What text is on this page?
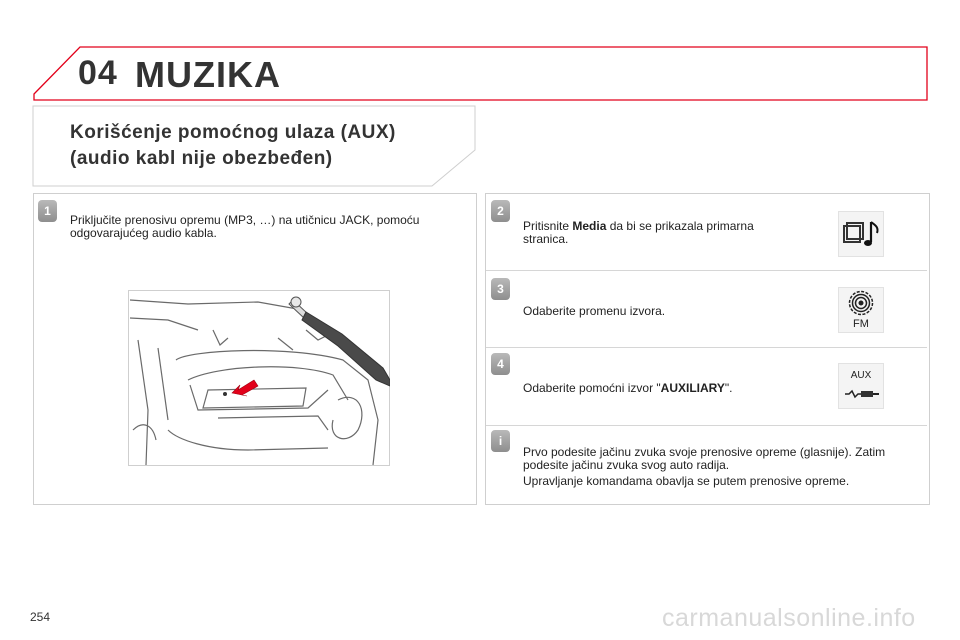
04 MUZIKA
Korišćenje pomoćnog ulaza (AUX)
(audio kabl nije obezbeđen)
1
Priključite prenosivu opremu (MP3, …) na utičnicu JACK, pomoću odgovarajućeg audio kabla.
2
Pritisnite Media da bi se prikazala primarna stranica.
3
Odaberite promenu izvora.
FM
4
Odaberite pomoćni izvor "AUXILIARY".
AUX
i
Prvo podesite jačinu zvuka svoje prenosive opreme (glasnije). Zatim podesite jačinu zvuka svog auto radija.
Upravljanje komandama obavlja se putem prenosive opreme.
254	carmanualsonline.info
